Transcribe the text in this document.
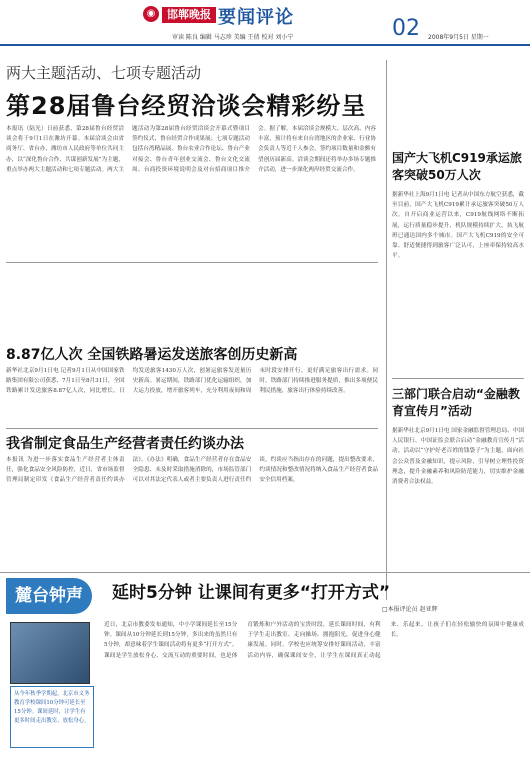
◉	邯郸晚报 要闻评论	02
审读 陈良 编辑 马志珍 美编 王倩 校对 刘小宁	2008年9月5日 星期一
两大主题活动、七项专题活动
第28届鲁台经贸洽谈会精彩纷呈
本报讯（陆光）日前获悉，第28届鲁台经贸洽谈会将于9月1日在潍坊开幕。本届洽谈会由省商务厅、省台办、潍坊市人民政府等单位共同主办，以“深化鲁台合作、共谋创新发展”为主题，重点举办两大主题活动和七项专题活动。两大主题活动为第28届鲁台经贸洽谈会开幕式暨项目签约仪式、鲁台经贸合作成果展；七项专题活动包括台湾精品展、鲁台农业合作论坛、鲁台产业对接会、鲁台青年创业交流会、鲁台文化交流周、台商投资环境说明会及对台招商项目推介会。据了解，本届洽谈会规模大、层次高、内容丰富，预计将有来自台湾地区的企业家、行业协会负责人等近千人参会，签约项目数量和金额有望创历届新高。洽谈会期间还将举办多场专题推介活动，进一步深化两岸经贸交流合作。
国产大飞机C919承运旅客突破50万人次
据新华社上海9月1日电 记者从中国东方航空获悉，截至目前，国产大飞机C919累计承运旅客突破50万人次。自开启商业运营以来，C919航线网络不断拓展，运行质量稳步提升，机队规模持续扩大，执飞航班已通达国内多个城市。国产大飞机C919的安全可靠、舒适便捷得到旅客广泛认可，上座率保持较高水平。
三部门联合启动“金融教育宣传月”活动
据新华社北京9月1日电 国家金融监督管理总局、中国人民银行、中国证监会联合启动“金融教育宣传月”活动。活动以“守护好老百姓的钱袋子”为主题，面向社会公众普及金融知识，提示风险，引导树立理性投资理念，提升金融素养和风险防范能力，切实维护金融消费者合法权益。
8.87亿人次 全国铁路暑运发送旅客创历史新高
新华社北京9月1日电 记者9月1日从中国国家铁路集团有限公司获悉，7月1日至8月31日，全国铁路累计发送旅客8.87亿人次，同比增长，日均发送旅客1430万人次，创暑运旅客发送量历史新高。暑运期间，铁路部门优化运输组织，加大运力投放，增开旅客列车，充分利用夜间和周末时段安排开行，更好满足旅客出行需求。同时，铁路部门持续推进服务提质，推出多项便民利民措施，旅客出行体验持续改善。
我省制定食品生产经营者责任约谈办法
本报讯 为进一步落实食品生产经营者主体责任，强化食品安全风险防控，近日，省市场监督管理局制定印发《食品生产经营者责任约谈办法》。《办法》明确，食品生产经营者存在食品安全隐患、未及时采取措施消除的，市场监管部门可以对其法定代表人或者主要负责人进行责任约谈。约谈应当指出存在的问题，提出整改要求，约谈情况和整改情况将纳入食品生产经营者食品安全信用档案。
麓台钟声	延时5分钟 让课间有更多“打开方式”
□本报评论员 赵亚辉
从今年秋季学期起，北京市义务教育学校课间10分钟可延长至15分钟。课间延时，让学生有更多时间走出教室、放松身心。
近日，北京市教委发布通知，中小学课间延长至15分钟。课间从10分钟延长到15分钟，多出来的虽然只有5分钟，却意味着学生课间活动将有更多“打开方式”。课间是学生放松身心、交流互动的重要时间，也是体育锻炼和户外活动的宝贵时段。延长课间时间，有利于学生走出教室、走向操场、拥抱阳光，促进身心健康发展。同时，学校也应统筹安排好课间活动，丰富活动内容，确保课间安全，让学生在课间真正动起来、乐起来，让孩子们在轻松愉快的氛围中健康成长。
